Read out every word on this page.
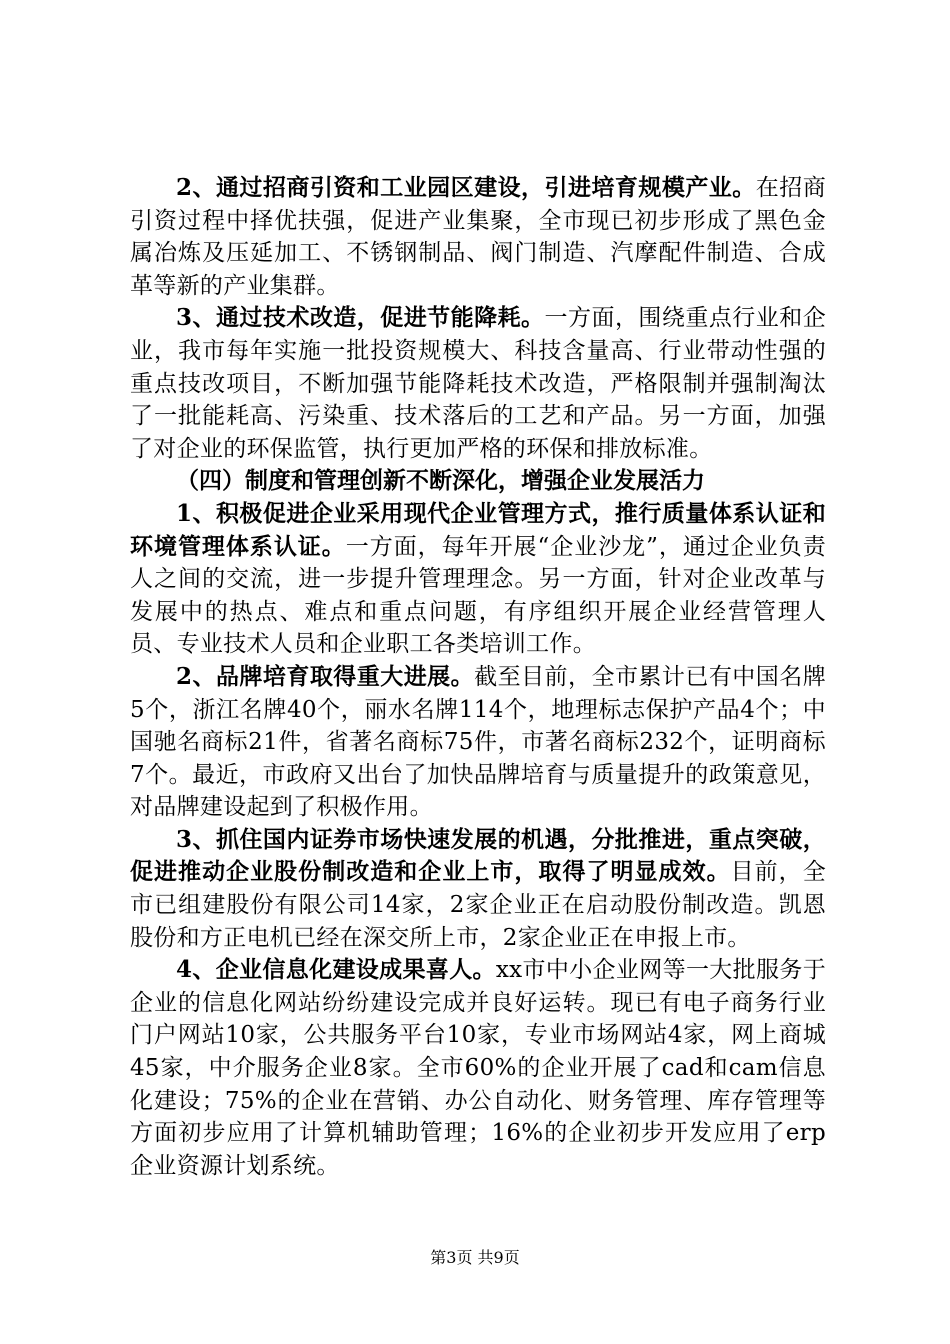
2、通过招商引资和工业园区建设，引进培育规模产业。在招商引资过程中择优扶强，促进产业集聚，全市现已初步形成了黑色金属冶炼及压延加工、不锈钢制品、阀门制造、汽摩配件制造、合成革等新的产业集群。

3、通过技术改造，促进节能降耗。一方面，围绕重点行业和企业，我市每年实施一批投资规模大、科技含量高、行业带动性强的重点技改项目，不断加强节能降耗技术改造，严格限制并强制淘汰了一批能耗高、污染重、技术落后的工艺和产品。另一方面，加强了对企业的环保监管，执行更加严格的环保和排放标准。

（四）制度和管理创新不断深化，增强企业发展活力

1、积极促进企业采用现代企业管理方式，推行质量体系认证和环境管理体系认证。一方面，每年开展“企业沙龙”，通过企业负责人之间的交流，进一步提升管理理念。另一方面，针对企业改革与发展中的热点、难点和重点问题，有序组织开展企业经营管理人员、专业技术人员和企业职工各类培训工作。

2、品牌培育取得重大进展。截至目前，全市累计已有中国名牌5个，浙江名牌40个，丽水名牌114个，地理标志保护产品4个；中国驰名商标21件，省著名商标75件，市著名商标232个，证明商标7个。最近，市政府又出台了加快品牌培育与质量提升的政策意见，对品牌建设起到了积极作用。

3、抓住国内证券市场快速发展的机遇，分批推进，重点突破，促进推动企业股份制改造和企业上市，取得了明显成效。目前，全市已组建股份有限公司14家，2家企业正在启动股份制改造。凯恩股份和方正电机已经在深交所上市，2家企业正在申报上市。

4、企业信息化建设成果喜人。xx市中小企业网等一大批服务于企业的信息化网站纷纷建设完成并良好运转。现已有电子商务行业门户网站10家，公共服务平台10家，专业市场网站4家，网上商城45家，中介服务企业8家。全市60%的企业开展了cad和cam信息化建设；75%的企业在营销、办公自动化、财务管理、库存管理等方面初步应用了计算机辅助管理；16%的企业初步开发应用了erp企业资源计划系统。

第3页 共9页
